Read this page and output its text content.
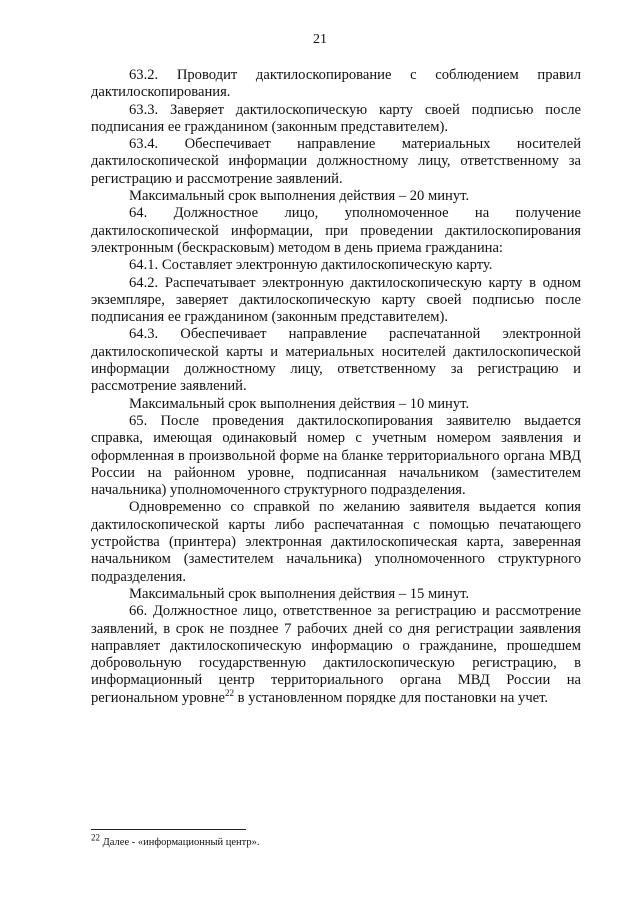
21
63.2. Проводит дактилоскопирование с соблюдением правил дактилоскопирования.
63.3. Заверяет дактилоскопическую карту своей подписью после подписания ее гражданином (законным представителем).
63.4. Обеспечивает направление материальных носителей дактилоскопической информации должностному лицу, ответственному за регистрацию и рассмотрение заявлений.
Максимальный срок выполнения действия – 20 минут.
64. Должностное лицо, уполномоченное на получение дактилоскопической информации, при проведении дактилоскопирования электронным (бескрасковым) методом в день приема гражданина:
64.1. Составляет электронную дактилоскопическую карту.
64.2. Распечатывает электронную дактилоскопическую карту в одном экземпляре, заверяет дактилоскопическую карту своей подписью после подписания ее гражданином (законным представителем).
64.3. Обеспечивает направление распечатанной электронной дактилоскопической карты и материальных носителей дактилоскопической информации должностному лицу, ответственному за регистрацию и рассмотрение заявлений.
Максимальный срок выполнения действия – 10 минут.
65. После проведения дактилоскопирования заявителю выдается справка, имеющая одинаковый номер с учетным номером заявления и оформленная в произвольной форме на бланке территориального органа МВД России на районном уровне, подписанная начальником (заместителем начальника) уполномоченного структурного подразделения.
Одновременно со справкой по желанию заявителя выдается копия дактилоскопической карты либо распечатанная с помощью печатающего устройства (принтера) электронная дактилоскопическая карта, заверенная начальником (заместителем начальника) уполномоченного структурного подразделения.
Максимальный срок выполнения действия – 15 минут.
66. Должностное лицо, ответственное за регистрацию и рассмотрение заявлений, в срок не позднее 7 рабочих дней со дня регистрации заявления направляет дактилоскопическую информацию о гражданине, прошедшем добровольную государственную дактилоскопическую регистрацию, в информационный центр территориального органа МВД России на региональном уровне$^{22}$ в установленном порядке для постановки на учет.
$^{22}$ Далее - «информационный центр».
